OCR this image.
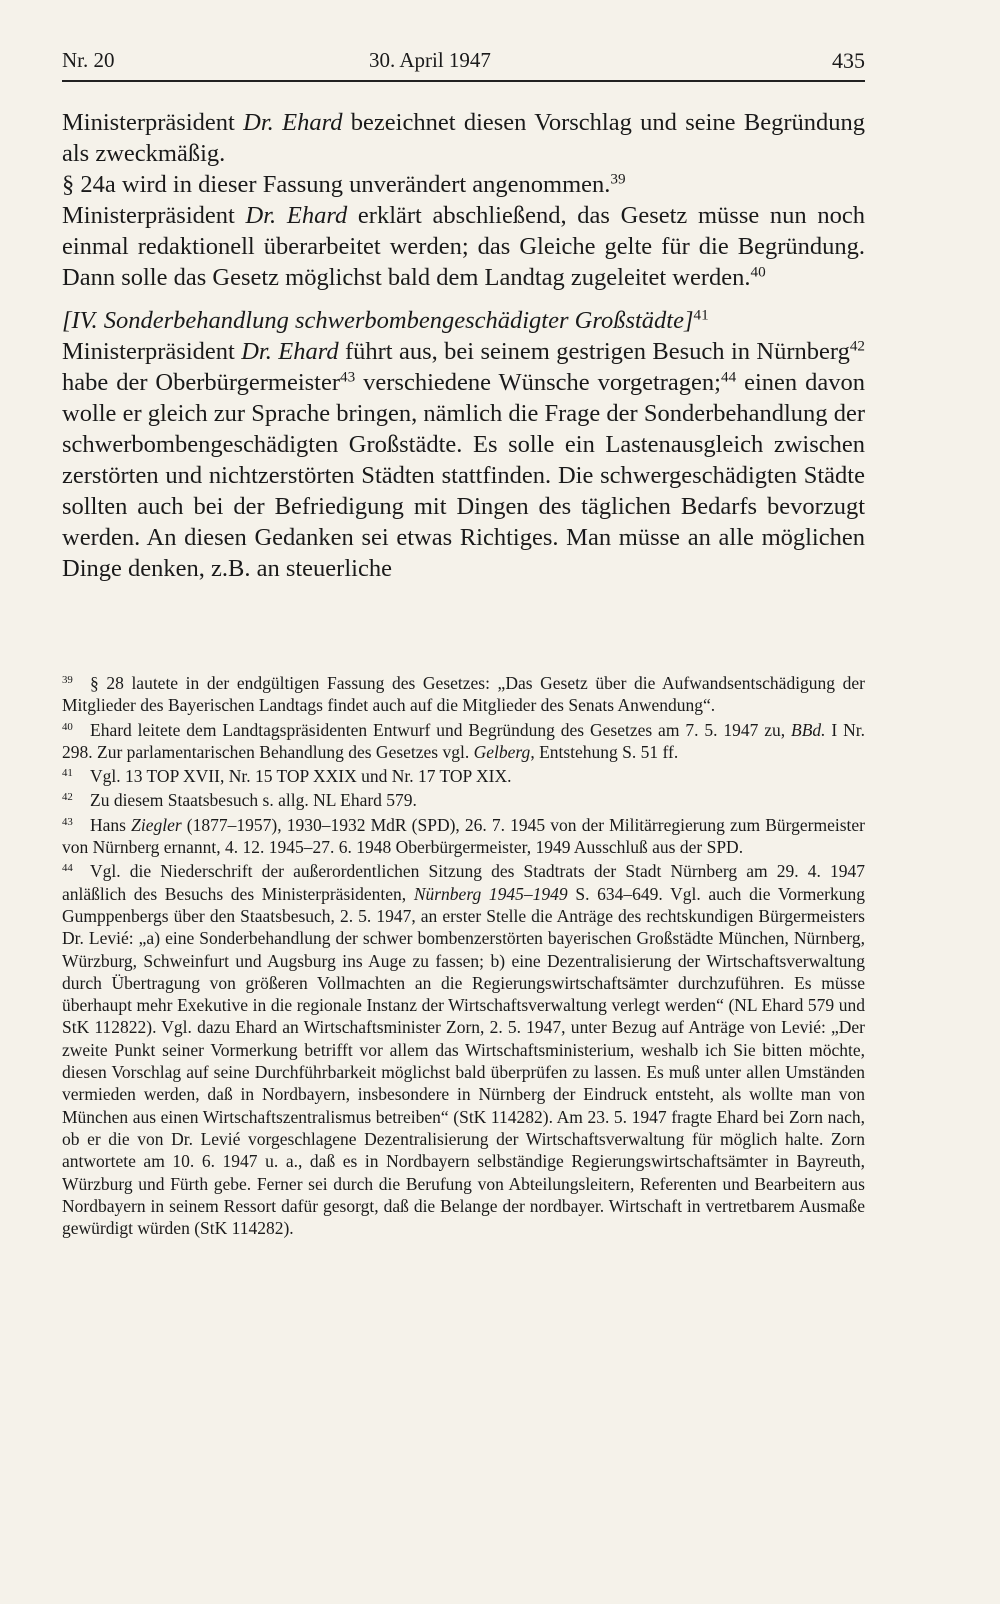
Nr. 20	30. April 1947	435

Ministerpräsident Dr. Ehard bezeichnet diesen Vorschlag und seine Begründung als zweckmäßig.

§ 24a wird in dieser Fassung unverändert angenommen.$^{39}$

Ministerpräsident Dr. Ehard erklärt abschließend, das Gesetz müsse nun noch einmal redaktionell überarbeitet werden; das Gleiche gelte für die Begründung. Dann solle das Gesetz möglichst bald dem Landtag zugeleitet werden.$^{40}$

[IV. Sonderbehandlung schwerbombengeschädigter Großstädte]$^{41}$

Ministerpräsident Dr. Ehard führt aus, bei seinem gestrigen Besuch in Nürnberg$^{42}$ habe der Oberbürgermeister$^{43}$ verschiedene Wünsche vorgetragen;$^{44}$ einen davon wolle er gleich zur Sprache bringen, nämlich die Frage der Sonderbehandlung der schwerbombengeschädigten Großstädte. Es solle ein Lastenausgleich zwischen zerstörten und nichtzerstörten Städten stattfinden. Die schwergeschädigten Städte sollten auch bei der Befriedigung mit Dingen des täglichen Bedarfs bevorzugt werden. An diesen Gedanken sei etwas Richtiges. Man müsse an alle möglichen Dinge denken, z.B. an steuerliche

$^{39}$ § 28 lautete in der endgültigen Fassung des Gesetzes: „Das Gesetz über die Aufwandsentschädigung der Mitglieder des Bayerischen Landtags findet auch auf die Mitglieder des Senats Anwendung“.
$^{40}$ Ehard leitete dem Landtagspräsidenten Entwurf und Begründung des Gesetzes am 7. 5. 1947 zu, BBd. I Nr. 298. Zur parlamentarischen Behandlung des Gesetzes vgl. Gelberg, Entstehung S. 51 ff.
$^{41}$ Vgl. 13 TOP XVII, Nr. 15 TOP XXIX und Nr. 17 TOP XIX.
$^{42}$ Zu diesem Staatsbesuch s. allg. NL Ehard 579.
$^{43}$ Hans Ziegler (1877–1957), 1930–1932 MdR (SPD), 26. 7. 1945 von der Militärregierung zum Bürgermeister von Nürnberg ernannt, 4. 12. 1945–27. 6. 1948 Oberbürgermeister, 1949 Ausschluß aus der SPD.
$^{44}$ Vgl. die Niederschrift der außerordentlichen Sitzung des Stadtrats der Stadt Nürnberg am 29. 4. 1947 anläßlich des Besuchs des Ministerpräsidenten, Nürnberg 1945–1949 S. 634–649. Vgl. auch die Vormerkung Gumppenbergs über den Staatsbesuch, 2. 5. 1947, an erster Stelle die Anträge des rechtskundigen Bürgermeisters Dr. Levié: „a) eine Sonderbehandlung der schwer bombenzerstörten bayerischen Großstädte München, Nürnberg, Würzburg, Schweinfurt und Augsburg ins Auge zu fassen; b) eine Dezentralisierung der Wirtschaftsverwaltung durch Übertragung von größeren Vollmachten an die Regierungswirtschaftsämter durchzuführen. Es müsse überhaupt mehr Exekutive in die regionale Instanz der Wirtschaftsverwaltung verlegt werden“ (NL Ehard 579 und StK 112822). Vgl. dazu Ehard an Wirtschaftsminister Zorn, 2. 5. 1947, unter Bezug auf Anträge von Levié: „Der zweite Punkt seiner Vormerkung betrifft vor allem das Wirtschaftsministerium, weshalb ich Sie bitten möchte, diesen Vorschlag auf seine Durchführbarkeit möglichst bald überprüfen zu lassen. Es muß unter allen Umständen vermieden werden, daß in Nordbayern, insbesondere in Nürnberg der Eindruck entsteht, als wollte man von München aus einen Wirtschaftszentralismus betreiben“ (StK 114282). Am 23. 5. 1947 fragte Ehard bei Zorn nach, ob er die von Dr. Levié vorgeschlagene Dezentralisierung der Wirtschaftsverwaltung für möglich halte. Zorn antwortete am 10. 6. 1947 u. a., daß es in Nordbayern selbständige Regierungswirtschaftsämter in Bayreuth, Würzburg und Fürth gebe. Ferner sei durch die Berufung von Abteilungsleitern, Referenten und Bearbeitern aus Nordbayern in seinem Ressort dafür gesorgt, daß die Belange der nordbayer. Wirtschaft in vertretbarem Ausmaße gewürdigt würden (StK 114282).
